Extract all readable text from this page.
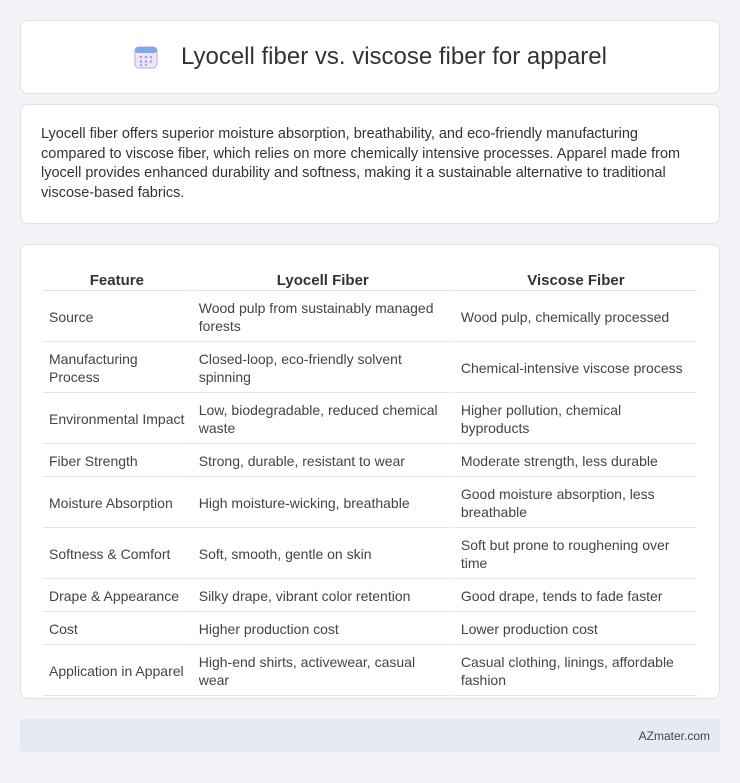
Lyocell fiber vs. viscose fiber for apparel

Lyocell fiber offers superior moisture absorption, breathability, and eco-friendly manufacturing compared to viscose fiber, which relies on more chemically intensive processes. Apparel made from lyocell provides enhanced durability and softness, making it a sustainable alternative to traditional viscose-based fabrics.

Feature	Lyocell Fiber	Viscose Fiber
Source	Wood pulp from sustainably managed forests	Wood pulp, chemically processed
Manufacturing Process	Closed-loop, eco-friendly solvent spinning	Chemical-intensive viscose process
Environmental Impact	Low, biodegradable, reduced chemical waste	Higher pollution, chemical byproducts
Fiber Strength	Strong, durable, resistant to wear	Moderate strength, less durable
Moisture Absorption	High moisture-wicking, breathable	Good moisture absorption, less breathable
Softness & Comfort	Soft, smooth, gentle on skin	Soft but prone to roughening over time
Drape & Appearance	Silky drape, vibrant color retention	Good drape, tends to fade faster
Cost	Higher production cost	Lower production cost
Application in Apparel	High-end shirts, activewear, casual wear	Casual clothing, linings, affordable fashion
AZmater.com
